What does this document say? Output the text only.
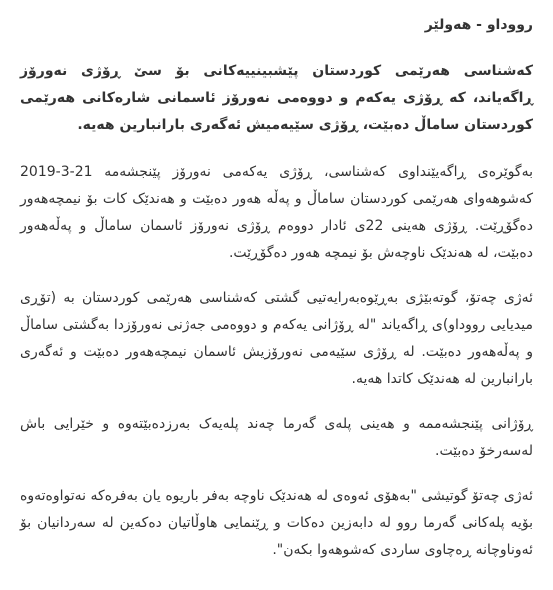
رووداو - هەولێر

کەشناسی هەرێمی کوردستان پێشبینییەکانی بۆ سێ ڕۆژی نەورۆز ڕاگەیاند، کە ڕۆژی یەکەم و دووەمی نەورۆز ئاسمانی شارەکانی هەرێمی کوردستان ساماڵ دەبێت، ڕۆژی سێیەمیش ئەگەری بارانبارین هەیە.

بەگوێرەی ڕاگەیێنداوی کەشناسی، ڕۆژی یەکەمی نەورۆز پێنجشەمە 21-3-2019 کەشوهەوای هەرێمی کوردستان ساماڵ و پەڵە هەور دەبێت و هەندێک کات بۆ نیمچەهەور دەگۆڕێت. ڕۆژی هەینی 22ی ئادار دووەم ڕۆژی نەورۆز ئاسمان ساماڵ و پەڵەهەور دەبێت، لە هەندێک ناوچەش بۆ نیمچە هەور دەگۆڕێت.

ئەژی چەتۆ، گوتەبێژی بەڕێوەبەرایەتیی گشتی کەشناسی هەرێمی کوردستان بە (تۆڕی میدیایی رووداو)ی ڕاگەیاند "لە ڕۆژانی یەکەم و دووەمی جەژنی نەورۆزدا بەگشتی ساماڵ و پەڵەهەور دەبێت. لە ڕۆژی سێیەمی نەورۆزیش ئاسمان نیمچەهەور دەبێت و ئەگەری بارانبارین لە هەندێک کاتدا هەیە.

ڕۆژانی پێنجشەممە و هەینی پلەی گەرما چەند پلەیەک بەرزدەبێتەوە و خێرایی باش لەسەرخۆ دەبێت.

ئەژی چەتۆ گوتیشی "بەهۆی ئەوەی لە هەندێک ناوچە بەفر باریوە یان بەفرەکە نەتواوەتەوە بۆیە پلەکانی گەرما روو لە دابەزین دەکات و ڕێنمایی هاوڵاتیان دەکەین لە سەردانیان بۆ ئەوناوچانە ڕەچاوی ساردی کەشوهەوا بکەن".
